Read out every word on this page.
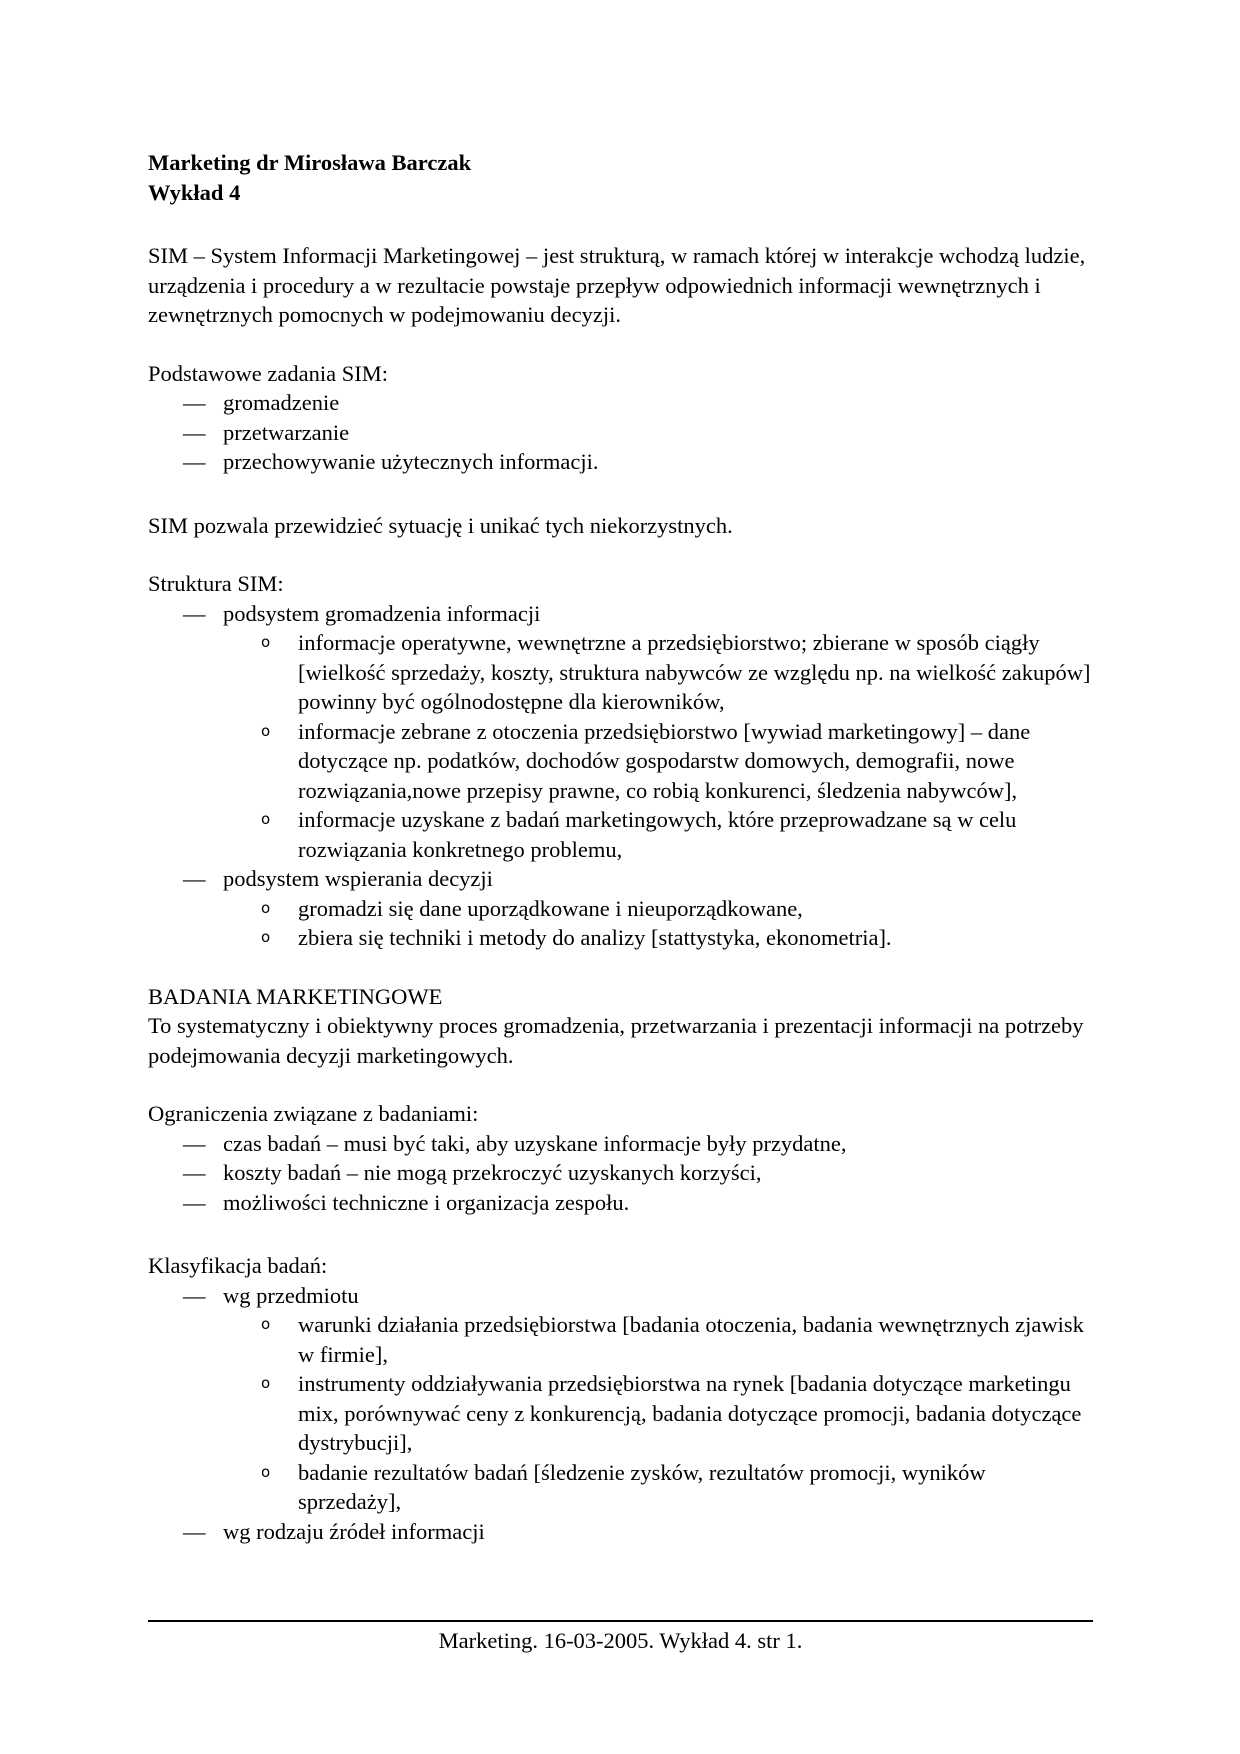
Marketing dr Mirosława Barczak
Wykład 4

SIM – System Informacji Marketingowej – jest strukturą, w ramach której w interakcje wchodzą ludzie, urządzenia i procedury a w rezultacie powstaje przepływ odpowiednich informacji wewnętrznych i zewnętrznych pomocnych w podejmowaniu decyzji.

Podstawowe zadania SIM:
— gromadzenie
— przetwarzanie
— przechowywanie użytecznych informacji.

SIM pozwala przewidzieć sytuację i unikać tych niekorzystnych.

Struktura SIM:
— podsystem gromadzenia informacji
o informacje operatywne, wewnętrzne a przedsiębiorstwo; zbierane w sposób ciągły [wielkość sprzedaży, koszty, struktura nabywców ze względu np. na wielkość zakupów] powinny być ogólnodostępne dla kierowników,
o informacje zebrane z otoczenia przedsiębiorstwo [wywiad marketingowy] – dane dotyczące np. podatków, dochodów gospodarstw domowych, demografii, nowe rozwiązania,nowe przepisy prawne, co robią konkurenci, śledzenia nabywców],
o informacje uzyskane z badań marketingowych, które przeprowadzane są w celu rozwiązania konkretnego problemu,
— podsystem wspierania decyzji
o gromadzi się dane uporządkowane i nieuporządkowane,
o zbiera się techniki i metody do analizy [stattystyka, ekonometria].
BADANIA MARKETINGOWE

To systematyczny i obiektywny proces gromadzenia, przetwarzania i prezentacji informacji na potrzeby podejmowania decyzji marketingowych.

Ograniczenia związane z badaniami:
— czas badań – musi być taki, aby uzyskane informacje były przydatne,
— koszty badań – nie mogą przekroczyć uzyskanych korzyści,
— możliwości techniczne i organizacja zespołu.
Klasyfikacja badań:
— wg przedmiotu
o warunki działania przedsiębiorstwa [badania otoczenia, badania wewnętrznych zjawisk w firmie],
o instrumenty oddziaływania przedsiębiorstwa na rynek [badania dotyczące marketingu mix, porównywać ceny z konkurencją, badania dotyczące promocji, badania dotyczące dystrybucji],
o badanie rezultatów badań [śledzenie zysków, rezultatów promocji, wyników sprzedaży],
— wg rodzaju źródeł informacji
Marketing. 16-03-2005. Wykład 4. str 1.
